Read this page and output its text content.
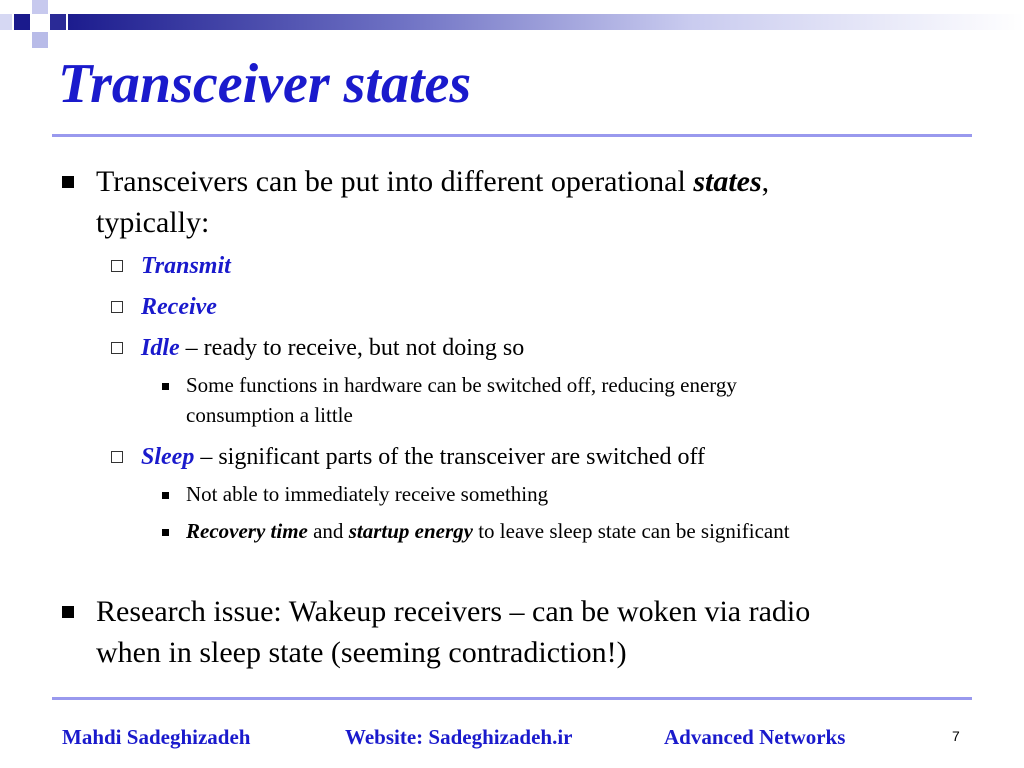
Transceiver states
Transceivers can be put into different operational states,
typically:
Transmit
Receive
Idle – ready to receive, but not doing so
Some functions in hardware can be switched off, reducing energy
consumption a little
Sleep – significant parts of the transceiver are switched off
Not able to immediately receive something
Recovery time and startup energy to leave sleep state can be significant
Research issue: Wakeup receivers – can be woken via radio
when in sleep state (seeming contradiction!)
Mahdi Sadeghizadeh	Website: Sadeghizadeh.ir	Advanced Networks	7
